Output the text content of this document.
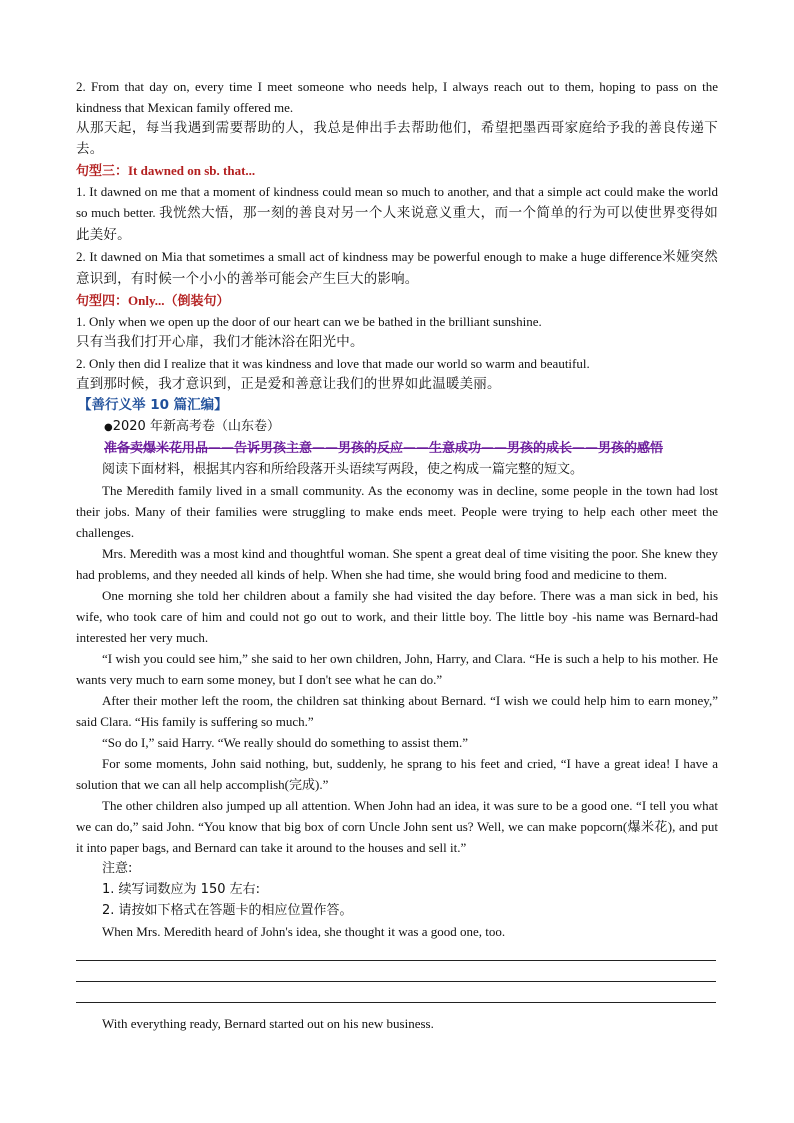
2. From that day on, every time I meet someone who needs help, I always reach out to them, hoping to pass on the kindness that Mexican family offered me.

从那天起，每当我遇到需要帮助的人，我总是伸出手去帮助他们，希望把墨西哥家庭给予我的善良传递下去。

句型三：It dawned on sb. that...

1. It dawned on me that a moment of kindness could mean so much to another, and that a simple act could make the world so much better. 我恍然大悟，那一刻的善良对另一个人来说意义重大，而一个简单的行为可以使世界变得如此美好。

2. It dawned on Mia that sometimes a small act of kindness may be powerful enough to make a huge difference米娅突然意识到，有时候一个小小的善举可能会产生巨大的影响。

句型四：Only...（倒装句）

1. Only when we open up the door of our heart can we be bathed in the brilliant sunshine.

只有当我们打开心扉，我们才能沐浴在阳光中。

2. Only then did I realize that it was kindness and love that made our world so warm and beautiful.

直到那时候，我才意识到，正是爱和善意让我们的世界如此温暖美丽。

【善行义举 10 篇汇编】

●2020 年新高考卷（山东卷）

准备卖爆米花用品——告诉男孩主意——男孩的反应——生意成功——男孩的成长——男孩的感悟

阅读下面材料，根据其内容和所给段落开头语续写两段，使之构成一篇完整的短文。

The Meredith family lived in a small community. As the economy was in decline, some people in the town had lost their jobs. Many of their families were struggling to make ends meet. People were trying to help each other meet the challenges.

Mrs. Meredith was a most kind and thoughtful woman. She spent a great deal of time visiting the poor. She knew they had problems, and they needed all kinds of help. When she had time, she would bring food and medicine to them.

One morning she told her children about a family she had visited the day before. There was a man sick in bed, his wife, who took care of him and could not go out to work, and their little boy. The little boy -his name was Bernard-had interested her very much.

“I wish you could see him,” she said to her own children, John, Harry, and Clara. “He is such a help to his mother. He wants very much to earn some money, but I don't see what he can do.”

After their mother left the room, the children sat thinking about Bernard. “I wish we could help him to earn money,” said Clara. “His family is suffering so much.”

“So do I,” said Harry. “We really should do something to assist them.”

For some moments, John said nothing, but, suddenly, he sprang to his feet and cried, “I have a great idea! I have a solution that we can all help accomplish(完成).”

The other children also jumped up all attention. When John had an idea, it was sure to be a good one. “I tell you what we can do,” said John. “You know that big box of corn Uncle John sent us? Well, we can make popcorn(爆米花), and put it into paper bags, and Bernard can take it around to the houses and sell it.”

注意:

1. 续写词数应为 150 左右:

2. 请按如下格式在答题卡的相应位置作答。

When Mrs. Meredith heard of John's idea, she thought it was a good one, too.

With everything ready, Bernard started out on his new business.
